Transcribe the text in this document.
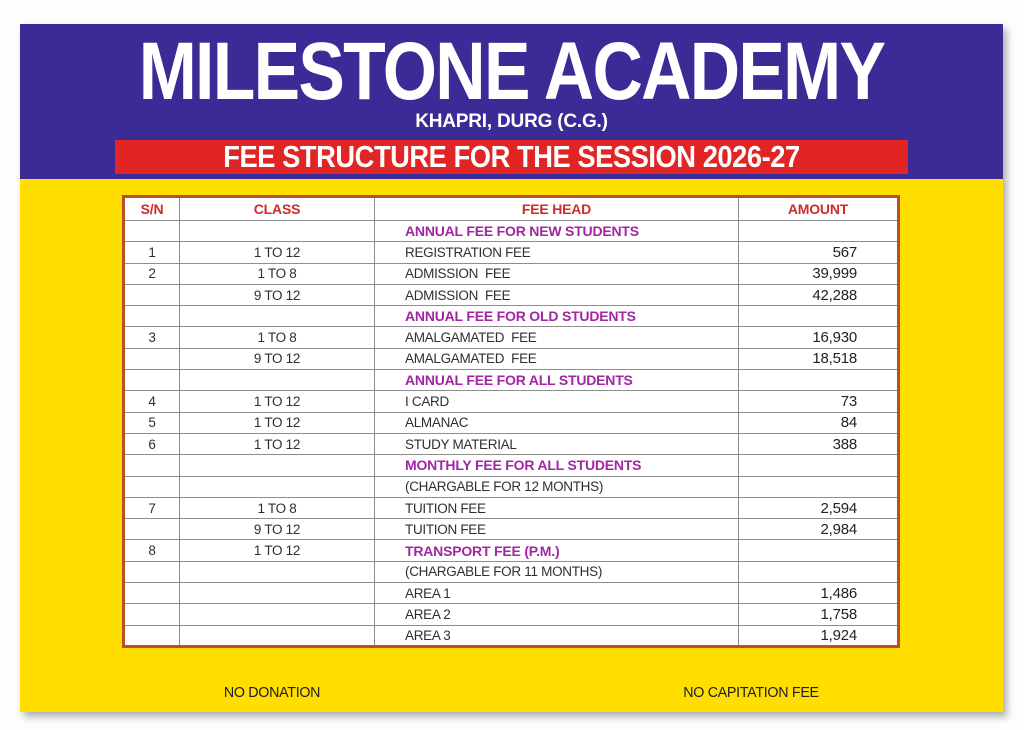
MILESTONE ACADEMY
KHAPRI, DURG (C.G.)
FEE STRUCTURE FOR THE SESSION 2026-27
S/N	CLASS	FEE HEAD	AMOUNT
		ANNUAL FEE FOR NEW STUDENTS	
1	1 TO 12	REGISTRATION FEE	567
2	1 TO 8	ADMISSION  FEE	39,999
	9 TO 12	ADMISSION  FEE	42,288
		ANNUAL FEE FOR OLD STUDENTS	
3	1 TO 8	AMALGAMATED  FEE	16,930
	9 TO 12	AMALGAMATED  FEE	18,518
		ANNUAL FEE FOR ALL STUDENTS	
4	1 TO 12	I CARD	73
5	1 TO 12	ALMANAC	84
6	1 TO 12	STUDY MATERIAL	388
		MONTHLY FEE FOR ALL STUDENTS	
		(CHARGABLE FOR 12 MONTHS)	
7	1 TO 8	TUITION FEE	2,594
	9 TO 12	TUITION FEE	2,984
8	1 TO 12	TRANSPORT FEE (P.M.)	
		(CHARGABLE FOR 11 MONTHS)	
		AREA 1	1,486
		AREA 2	1,758
		AREA 3	1,924
NO DONATION	NO CAPITATION FEE
